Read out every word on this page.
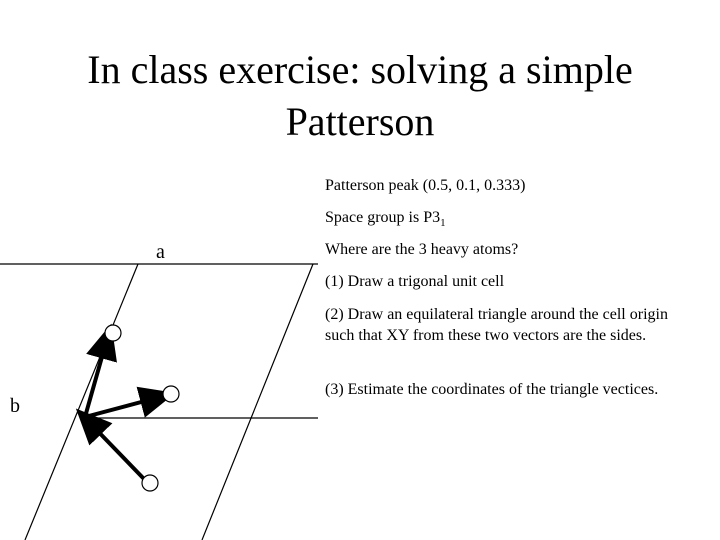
In class exercise: solving a simple
Patterson
a
b

Patterson peak (0.5, 0.1, 0.333)

Space group is $P3_1$

Where are the 3 heavy atoms?

(1) Draw a trigonal unit cell

(2) Draw an equilateral triangle around the cell origin such that XY from these two vectors are the sides.

(3) Estimate the coordinates of the triangle vectices.
